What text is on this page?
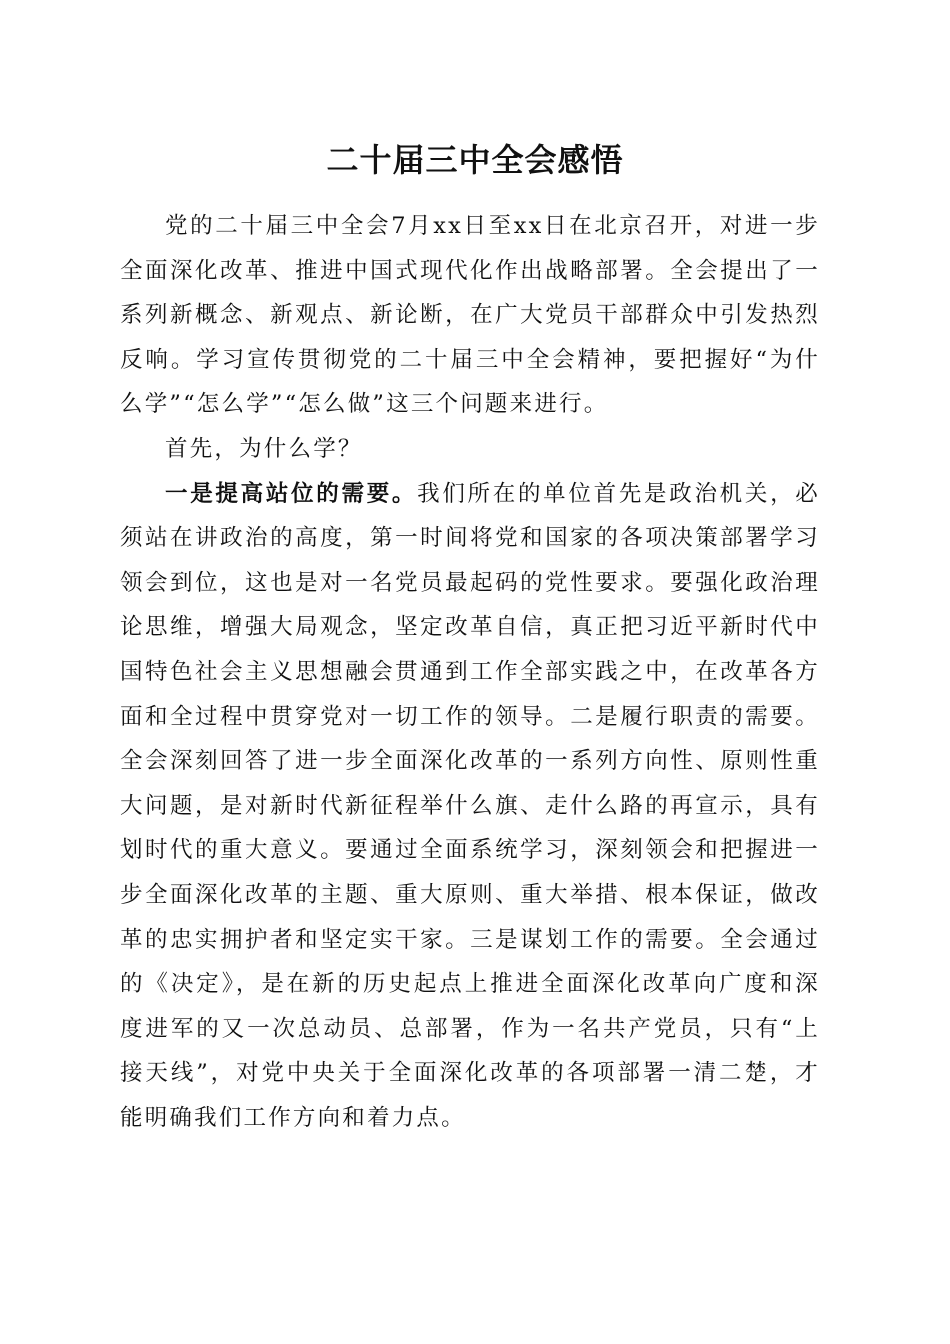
二十届三中全会感悟

党的二十届三中全会7月xx日至xx日在北京召开，对进一步全面深化改革、推进中国式现代化作出战略部署。全会提出了一系列新概念、新观点、新论断，在广大党员干部群众中引发热烈反响。学习宣传贯彻党的二十届三中全会精神，要把握好“为什么学”“怎么学”“怎么做”这三个问题来进行。

首先，为什么学？

一是提高站位的需要。我们所在的单位首先是政治机关，必须站在讲政治的高度，第一时间将党和国家的各项决策部署学习领会到位，这也是对一名党员最起码的党性要求。要强化政治理论思维，增强大局观念，坚定改革自信，真正把习近平新时代中国特色社会主义思想融会贯通到工作全部实践之中，在改革各方面和全过程中贯穿党对一切工作的领导。二是履行职责的需要。全会深刻回答了进一步全面深化改革的一系列方向性、原则性重大问题，是对新时代新征程举什么旗、走什么路的再宣示，具有划时代的重大意义。要通过全面系统学习，深刻领会和把握进一步全面深化改革的主题、重大原则、重大举措、根本保证，做改革的忠实拥护者和坚定实干家。三是谋划工作的需要。全会通过的《决定》，是在新的历史起点上推进全面深化改革向广度和深度进军的又一次总动员、总部署，作为一名共产党员，只有“上接天线”，对党中央关于全面深化改革的各项部署一清二楚，才能明确我们工作方向和着力点。
